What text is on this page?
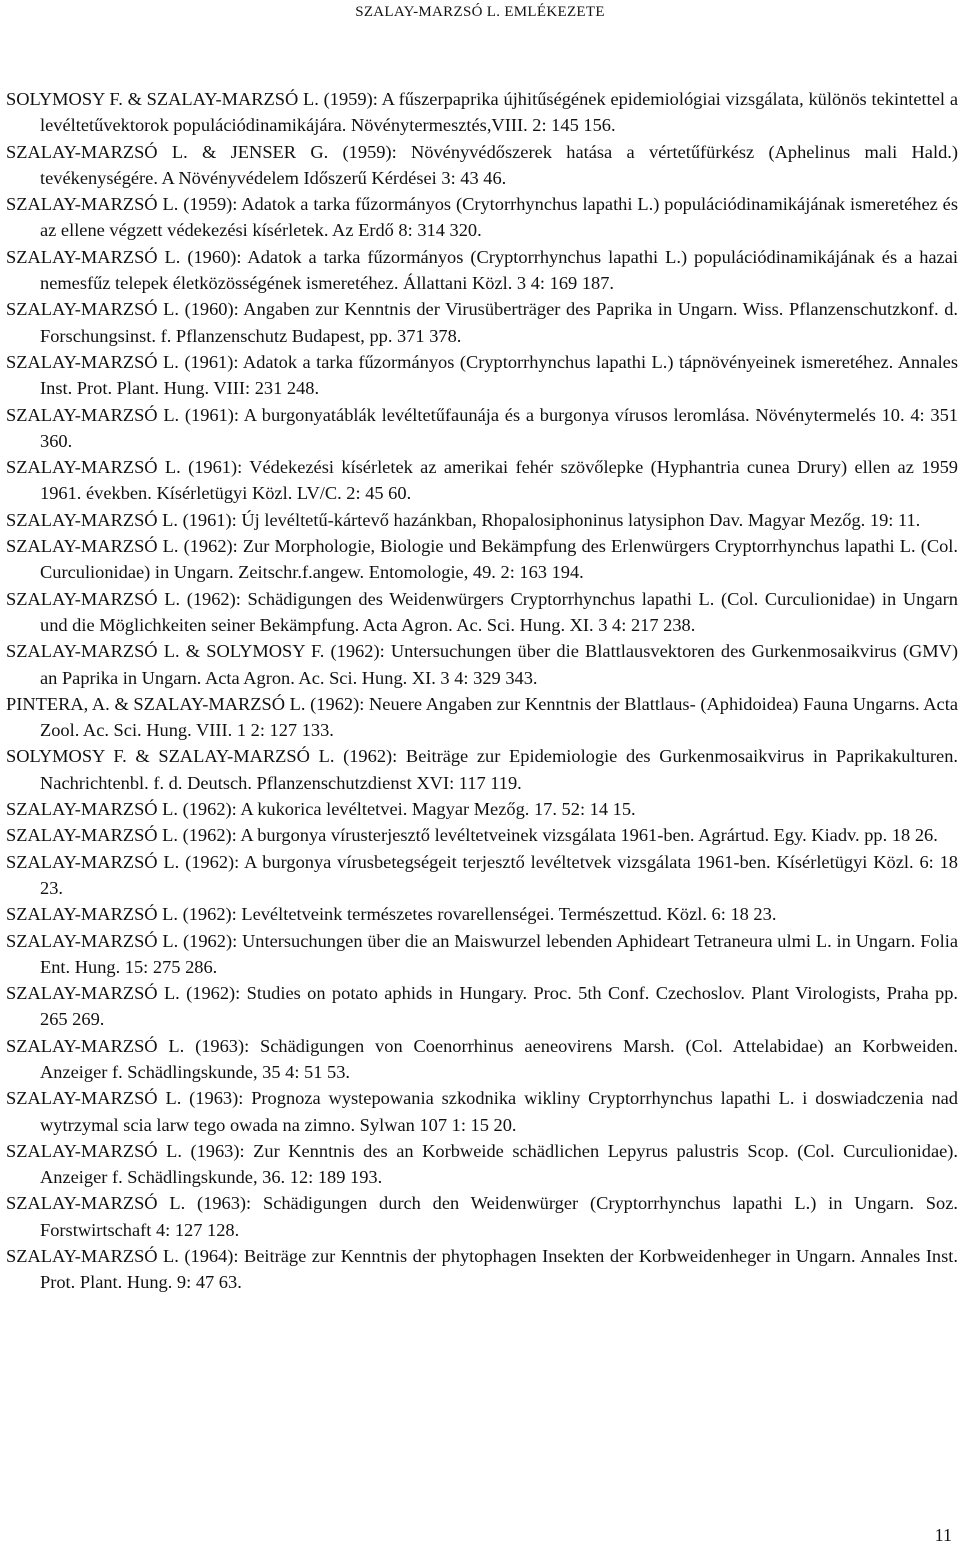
SZALAY-MARZSÓ L. EMLÉKEZETE

SOLYMOSY F. & SZALAY-MARZSÓ L. (1959): A fűszerpaprika újhitűségének epidemiológiai vizsgálata, különös tekintettel a levéltetűvektorok populációdinamikájára. Növénytermesztés,VIII. 2: 145 156.

SZALAY-MARZSÓ L. & JENSER G. (1959): Növényvédőszerek hatása a vértetűfürkész (Aphelinus mali Hald.) tevékenységére. A Növényvédelem Időszerű Kérdései 3: 43 46.

SZALAY-MARZSÓ L. (1959): Adatok a tarka fűzormányos (Crytorrhynchus lapathi L.) populációdinamikájának ismeretéhez és az ellene végzett védekezési kísérletek. Az Erdő 8: 314 320.

SZALAY-MARZSÓ L. (1960): Adatok a tarka fűzormányos (Cryptorrhynchus lapathi L.) populációdinamikájának és a hazai nemesfűz telepek életközösségének ismeretéhez. Állattani Közl. 3 4: 169 187.

SZALAY-MARZSÓ L. (1960): Angaben zur Kenntnis der Virusüberträger des Paprika in Ungarn. Wiss. Pflanzenschutzkonf. d. Forschungsinst. f. Pflanzenschutz Budapest, pp. 371 378.

SZALAY-MARZSÓ L. (1961): Adatok a tarka fűzormányos (Cryptorrhynchus lapathi L.) tápnövényeinek ismeretéhez. Annales Inst. Prot. Plant. Hung. VIII: 231 248.

SZALAY-MARZSÓ L. (1961): A burgonyatáblák levéltetűfaunája és a burgonya vírusos leromlása. Növénytermelés 10. 4: 351 360.

SZALAY-MARZSÓ L. (1961): Védekezési kísérletek az amerikai fehér szövőlepke (Hyphantria cunea Drury) ellen az 1959 1961. években. Kísérletügyi Közl. LV/C. 2: 45 60.

SZALAY-MARZSÓ L. (1961): Új levéltetű-kártevő hazánkban, Rhopalosiphoninus latysiphon Dav. Magyar Mezőg. 19: 11.

SZALAY-MARZSÓ L. (1962): Zur Morphologie, Biologie und Bekämpfung des Erlenwürgers Cryptorrhynchus lapathi L. (Col. Curculionidae) in Ungarn. Zeitschr.f.angew. Entomologie, 49. 2: 163 194.

SZALAY-MARZSÓ L. (1962): Schädigungen des Weidenwürgers Cryptorrhynchus lapathi L. (Col. Curculionidae) in Ungarn und die Möglichkeiten seiner Bekämpfung. Acta Agron. Ac. Sci. Hung. XI. 3 4: 217 238.

SZALAY-MARZSÓ L. & SOLYMOSY F. (1962): Untersuchungen über die Blattlausvektoren des Gurkenmosaikvirus (GMV) an Paprika in Ungarn. Acta Agron. Ac. Sci. Hung. XI. 3 4: 329 343.

PINTERA, A. & SZALAY-MARZSÓ L. (1962): Neuere Angaben zur Kenntnis der Blattlaus- (Aphidoidea) Fauna Ungarns. Acta Zool. Ac. Sci. Hung. VIII. 1 2: 127 133.

SOLYMOSY F. & SZALAY-MARZSÓ L. (1962): Beiträge zur Epidemiologie des Gurkenmosaikvirus in Paprikakulturen. Nachrichtenbl. f. d. Deutsch. Pflanzenschutzdienst XVI: 117 119.

SZALAY-MARZSÓ L. (1962): A kukorica levéltetvei. Magyar Mezőg. 17. 52: 14 15.

SZALAY-MARZSÓ L. (1962): A burgonya vírusterjesztő levéltetveinek vizsgálata 1961-ben. Agrártud. Egy. Kiadv. pp. 18 26.

SZALAY-MARZSÓ L. (1962): A burgonya vírusbetegségeit terjesztő levéltetvek vizsgálata 1961-ben. Kísérletügyi Közl. 6: 18 23.

SZALAY-MARZSÓ L. (1962): Levéltetveink természetes rovarellenségei. Természettud. Közl. 6: 18 23.

SZALAY-MARZSÓ L. (1962): Untersuchungen über die an Maiswurzel lebenden Aphideart Tetraneura ulmi L. in Ungarn. Folia Ent. Hung. 15: 275 286.

SZALAY-MARZSÓ L. (1962): Studies on potato aphids in Hungary. Proc. 5th Conf. Czechoslov. Plant Virologists, Praha pp. 265 269.

SZALAY-MARZSÓ L. (1963): Schädigungen von Coenorrhinus aeneovirens Marsh. (Col. Attelabidae) an Korbweiden. Anzeiger f. Schädlingskunde, 35 4: 51 53.

SZALAY-MARZSÓ L. (1963): Prognoza wystepowania szkodnika wikliny Cryptorrhynchus lapathi L. i doswiadczenia nad wytrzymal scia larw tego owada na zimno. Sylwan 107 1: 15 20.

SZALAY-MARZSÓ L. (1963): Zur Kenntnis des an Korbweide schädlichen Lepyrus palustris Scop. (Col. Curculionidae). Anzeiger f. Schädlingskunde, 36. 12: 189 193.

SZALAY-MARZSÓ L. (1963): Schädigungen durch den Weidenwürger (Cryptorrhynchus lapathi L.) in Ungarn. Soz. Forstwirtschaft 4: 127 128.

SZALAY-MARZSÓ L. (1964): Beiträge zur Kenntnis der phytophagen Insekten der Korbweidenheger in Ungarn. Annales Inst. Prot. Plant. Hung. 9: 47 63.

11
